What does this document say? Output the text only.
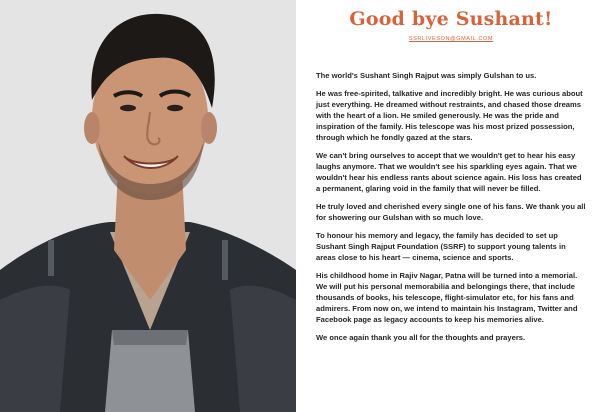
Good bye Sushant!
SSRLIVESON@GMAIL.COM

The world's Sushant Singh Rajput was simply Gulshan to us.

He was free-spirited, talkative and incredibly bright. He was curious about just everything. He dreamed without restraints, and chased those dreams with the heart of a lion. He smiled generously. He was the pride and inspiration of the family. His telescope was his most prized possession, through which he fondly gazed at the stars.

We can't bring ourselves to accept that we wouldn't get to hear his easy laughs anymore. That we wouldn't see his sparkling eyes again. That we wouldn't hear his endless rants about science again. His loss has created a permanent, glaring void in the family that will never be filled.

He truly loved and cherished every single one of his fans. We thank you all for showering our Gulshan with so much love.

To honour his memory and legacy, the family has decided to set up Sushant Singh Rajput Foundation (SSRF) to support young talents in areas close to his heart — cinema, science and sports.

His childhood home in Rajiv Nagar, Patna will be turned into a memorial. We will put his personal memorabilia and belongings there, that include thousands of books, his telescope, flight-simulator etc, for his fans and admirers. From now on, we intend to maintain his Instagram, Twitter and Facebook page as legacy accounts to keep his memories alive.

We once again thank you all for the thoughts and prayers.
